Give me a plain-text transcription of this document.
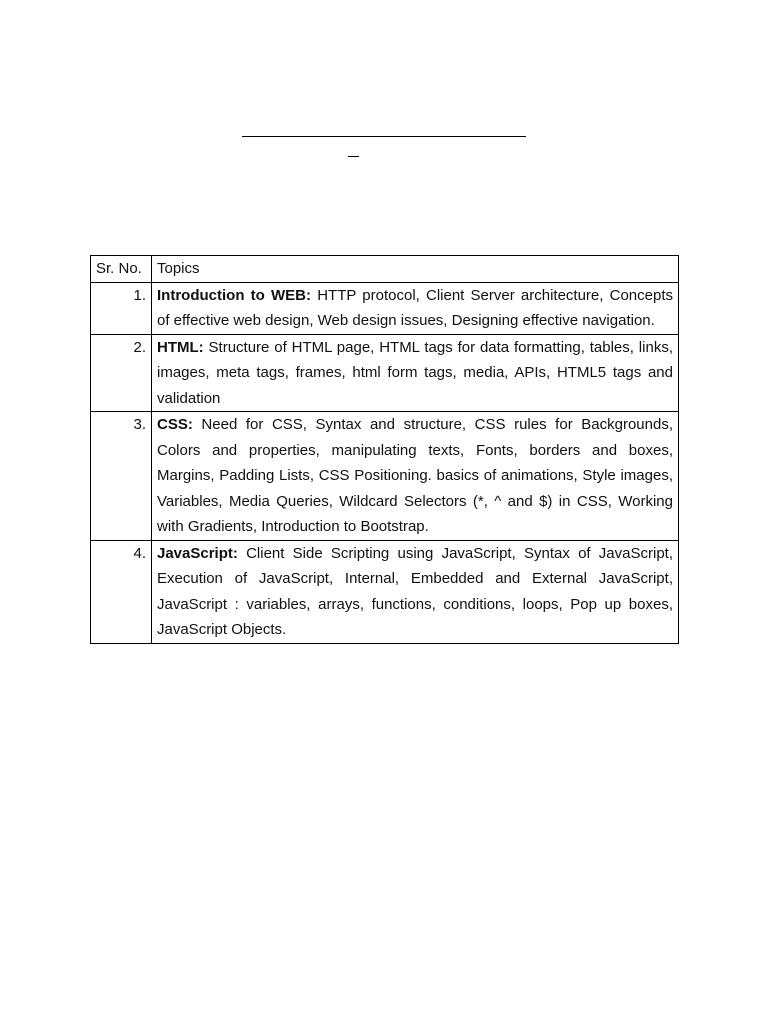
Sr. No.	Topics
1.	Introduction to WEB: HTTP protocol, Client Server architecture, Concepts of effective web design, Web design issues, Designing effective navigation.
2.	HTML: Structure of HTML page, HTML tags for data formatting, tables, links, images, meta tags, frames, html form tags, media, APIs, HTML5 tags and validation
3.	CSS: Need for CSS, Syntax and structure, CSS rules for Backgrounds, Colors and properties, manipulating texts, Fonts, borders and boxes, Margins, Padding Lists, CSS Positioning. basics of animations, Style images, Variables, Media Queries, Wildcard Selectors (*, ^ and $) in CSS, Working with Gradients, Introduction to Bootstrap.
4.	JavaScript: Client Side Scripting using JavaScript, Syntax of JavaScript, Execution of JavaScript, Internal, Embedded and External JavaScript, JavaScript : variables, arrays, functions, conditions, loops, Pop up boxes, JavaScript Objects.
